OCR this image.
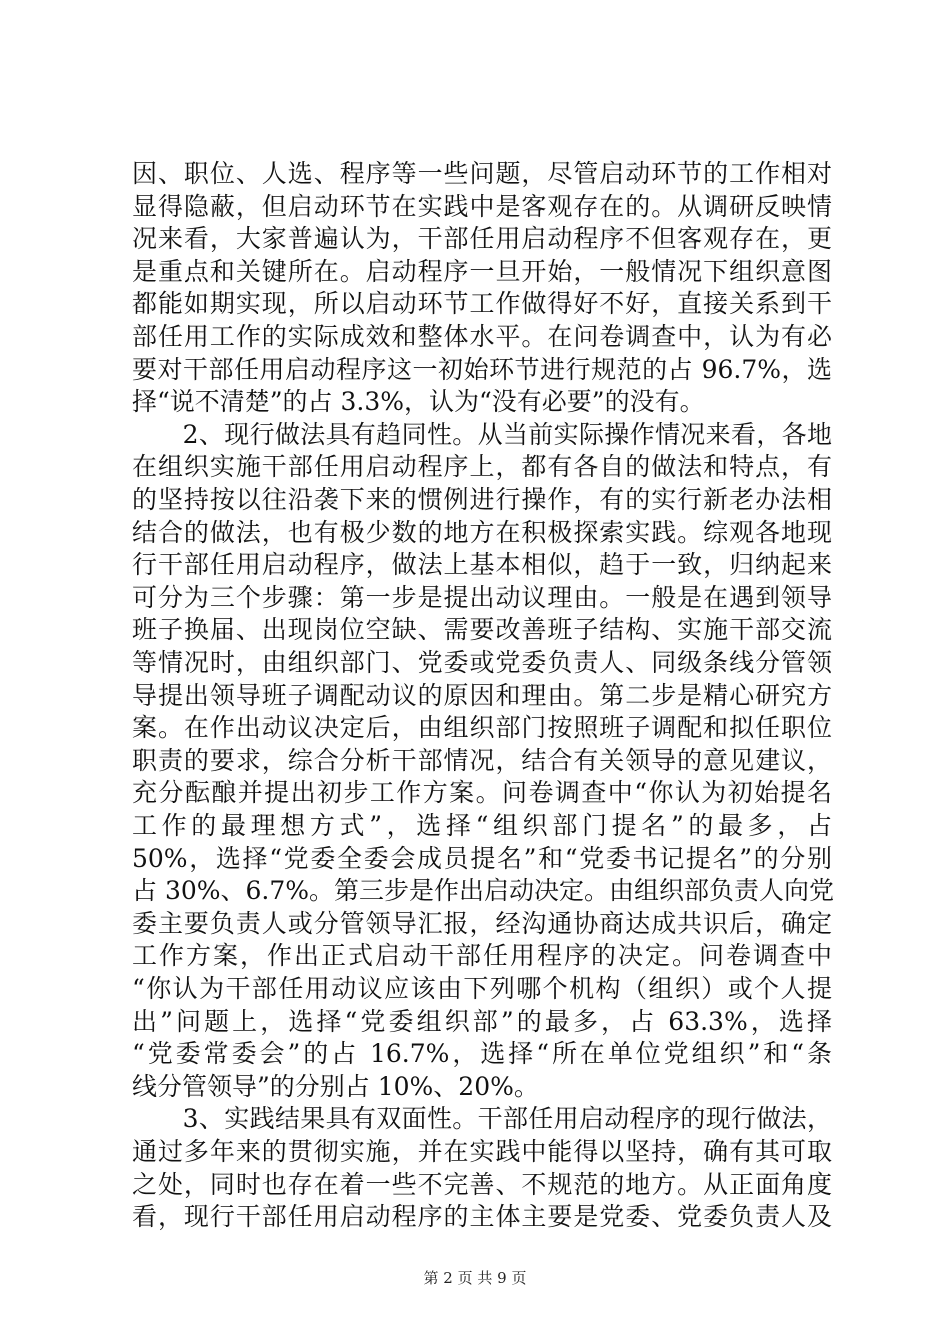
因、职位、人选、程序等一些问题，尽管启动环节的工作相对
显得隐蔽，但启动环节在实践中是客观存在的。从调研反映情
况来看，大家普遍认为，干部任用启动程序不但客观存在，更
是重点和关键所在。启动程序一旦开始，一般情况下组织意图
都能如期实现，所以启动环节工作做得好不好，直接关系到干
部任用工作的实际成效和整体水平。在问卷调查中，认为有必
要对干部任用启动程序这一初始环节进行规范的占 96.7%，选
择“说不清楚”的占 3.3%，认为“没有必要”的没有。
　　2、现行做法具有趋同性。从当前实际操作情况来看，各地
在组织实施干部任用启动程序上，都有各自的做法和特点，有
的坚持按以往沿袭下来的惯例进行操作，有的实行新老办法相
结合的做法，也有极少数的地方在积极探索实践。综观各地现
行干部任用启动程序，做法上基本相似，趋于一致，归纳起来
可分为三个步骤：第一步是提出动议理由。一般是在遇到领导
班子换届、出现岗位空缺、需要改善班子结构、实施干部交流
等情况时，由组织部门、党委或党委负责人、同级条线分管领
导提出领导班子调配动议的原因和理由。第二步是精心研究方
案。在作出动议决定后，由组织部门按照班子调配和拟任职位
职责的要求，综合分析干部情况，结合有关领导的意见建议，
充分酝酿并提出初步工作方案。问卷调查中“你认为初始提名
工作的最理想方式”，选择“组织部门提名”的最多，占
50%，选择“党委全委会成员提名”和“党委书记提名”的分别
占 30%、6.7%。第三步是作出启动决定。由组织部负责人向党
委主要负责人或分管领导汇报，经沟通协商达成共识后，确定
工作方案，作出正式启动干部任用程序的决定。问卷调查中
“你认为干部任用动议应该由下列哪个机构（组织）或个人提
出”问题上，选择“党委组织部”的最多，占 63.3%，选择
“党委常委会”的占 16.7%，选择“所在单位党组织”和“条
线分管领导”的分别占 10%、20%。
　　3、实践结果具有双面性。干部任用启动程序的现行做法，
通过多年来的贯彻实施，并在实践中能得以坚持，确有其可取
之处，同时也存在着一些不完善、不规范的地方。从正面角度
看，现行干部任用启动程序的主体主要是党委、党委负责人及
第 2 页 共 9 页
